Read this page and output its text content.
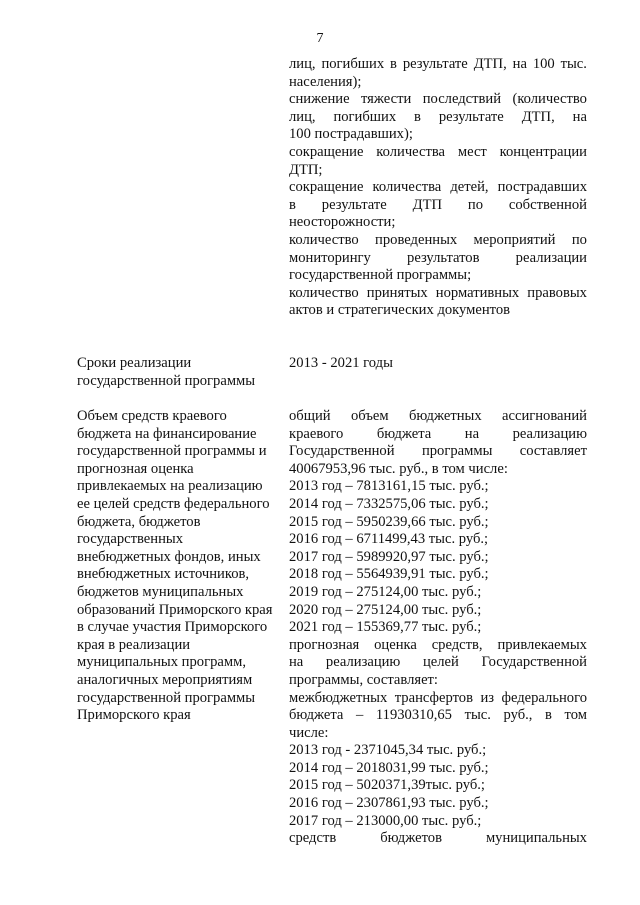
7
лиц, погибших в результате ДТП, на 100 тыс.
населения);
снижение тяжести последствий (количество
лиц, погибших в результате ДТП, на
100 пострадавших);
сокращение количества мест концентрации
ДТП;
сокращение количества детей, пострадавших
в результате ДТП по собственной
неосторожности;
количество проведенных мероприятий по
мониторингу результатов реализации
государственной программы;
количество принятых нормативных правовых
актов и стратегических документов
Сроки реализации
государственной программы
2013 - 2021 годы
Объем средств краевого
бюджета на финансирование
государственной программы и
прогнозная оценка
привлекаемых на реализацию
ее целей средств федерального
бюджета, бюджетов
государственных
внебюджетных фондов, иных
внебюджетных источников,
бюджетов муниципальных
образований Приморского края
в случае участия Приморского
края в реализации
муниципальных программ,
аналогичных мероприятиям
государственной программы
Приморского края
общий объем бюджетных ассигнований
краевого бюджета на реализацию
Государственной программы составляет
40067953,96 тыс. руб., в том числе:
2013 год – 7813161,15 тыс. руб.;
2014 год – 7332575,06 тыс. руб.;
2015 год – 5950239,66 тыс. руб.;
2016 год – 6711499,43 тыс. руб.;
2017 год – 5989920,97 тыс. руб.;
2018 год – 5564939,91 тыс. руб.;
2019 год – 275124,00 тыс. руб.;
2020 год – 275124,00 тыс. руб.;
2021 год – 155369,77 тыс. руб.;
прогнозная оценка средств, привлекаемых
на реализацию целей Государственной
программы, составляет:
межбюджетных трансфертов из федерального
бюджета – 11930310,65 тыс. руб., в том
числе:
2013 год - 2371045,34 тыс. руб.;
2014 год – 2018031,99 тыс. руб.;
2015 год – 5020371,39тыс. руб.;
2016 год – 2307861,93 тыс. руб.;
2017 год – 213000,00 тыс. руб.;
средств	бюджетов	муниципальных
